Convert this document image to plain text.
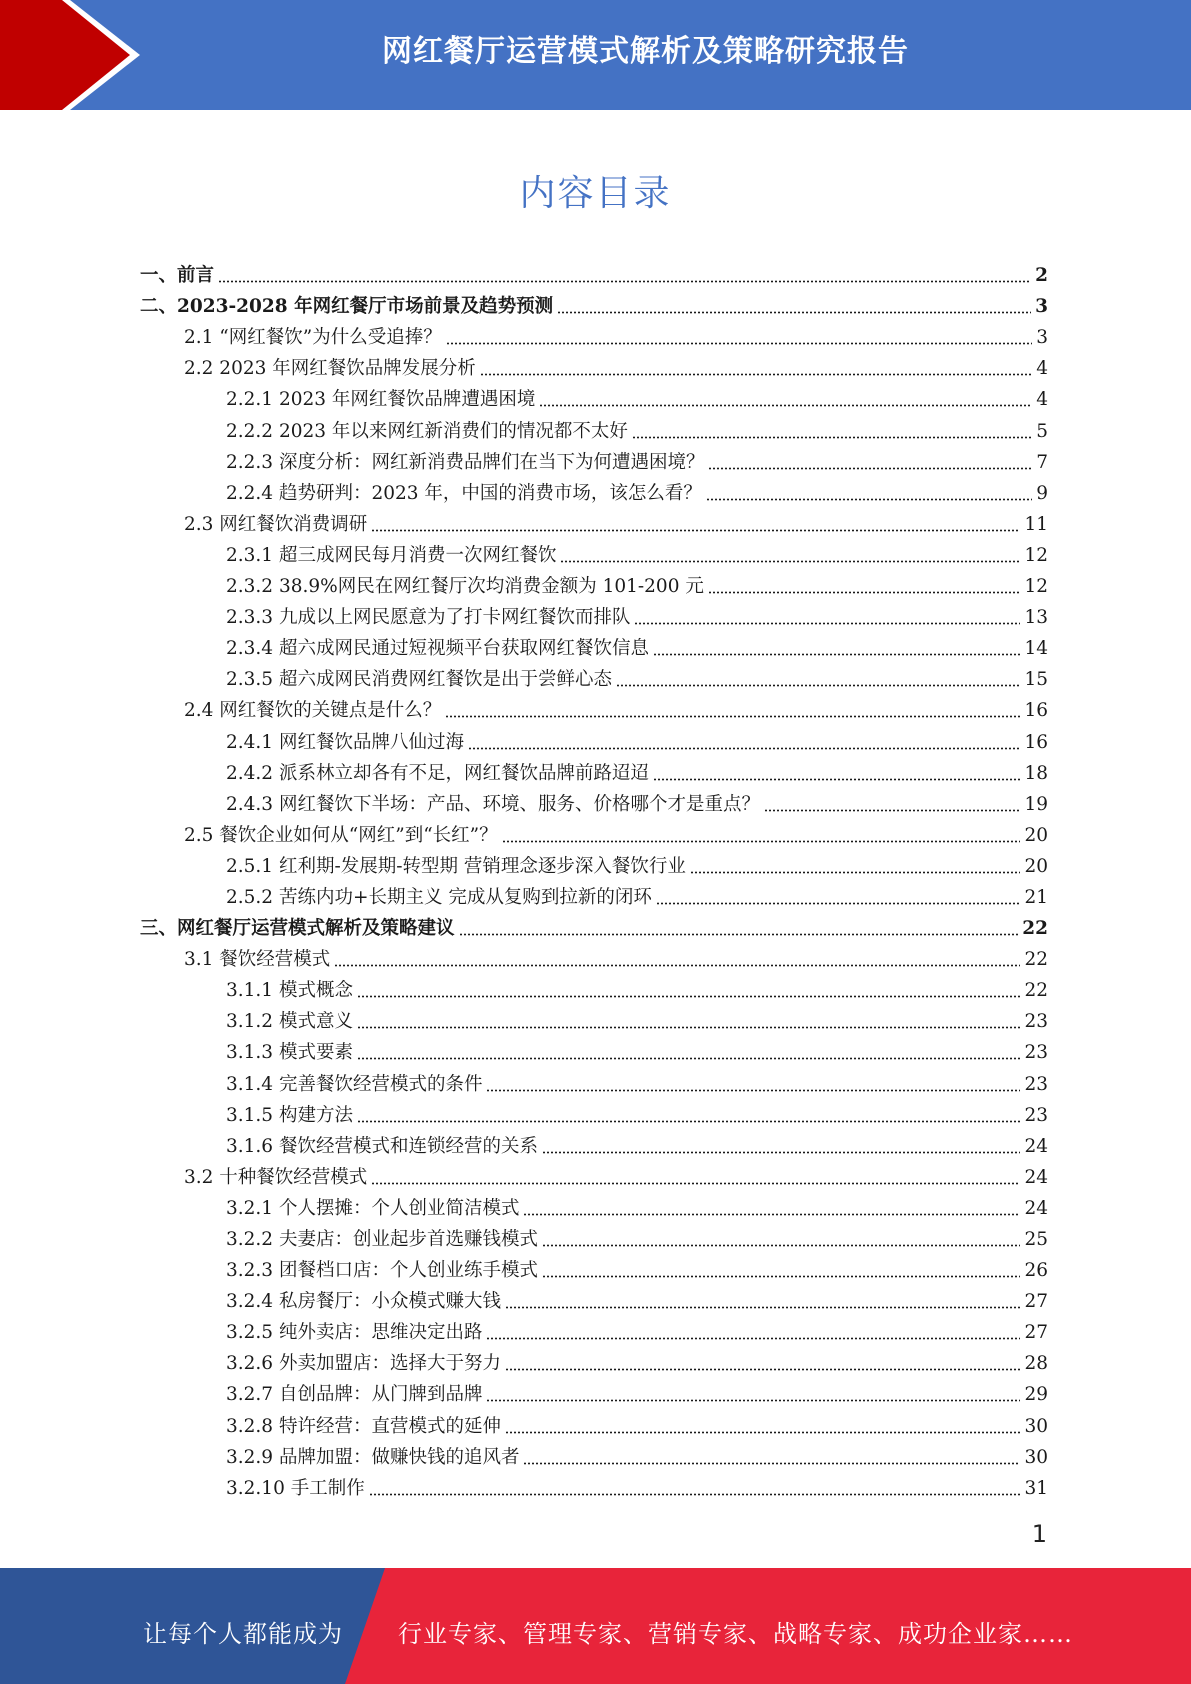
网红餐厅运营模式解析及策略研究报告
内容目录
一、前言	2
二、2023-2028 年网红餐厅市场前景及趋势预测	3
2.1 “网红餐饮”为什么受追捧？	3
2.2 2023 年网红餐饮品牌发展分析	4
2.2.1 2023 年网红餐饮品牌遭遇困境	4
2.2.2 2023 年以来网红新消费们的情况都不太好	5
2.2.3 深度分析：网红新消费品牌们在当下为何遭遇困境？	7
2.2.4 趋势研判：2023 年，中国的消费市场，该怎么看？	9
2.3 网红餐饮消费调研	11
2.3.1 超三成网民每月消费一次网红餐饮	12
2.3.2 38.9%网民在网红餐厅次均消费金额为 101-200 元	12
2.3.3 九成以上网民愿意为了打卡网红餐饮而排队	13
2.3.4 超六成网民通过短视频平台获取网红餐饮信息	14
2.3.5 超六成网民消费网红餐饮是出于尝鲜心态	15
2.4 网红餐饮的关键点是什么？	16
2.4.1 网红餐饮品牌八仙过海	16
2.4.2 派系林立却各有不足，网红餐饮品牌前路迢迢	18
2.4.3 网红餐饮下半场：产品、环境、服务、价格哪个才是重点？	19
2.5 餐饮企业如何从“网红”到“长红”？	20
2.5.1 红利期-发展期-转型期 营销理念逐步深入餐饮行业	20
2.5.2 苦练内功+长期主义 完成从复购到拉新的闭环	21
三、网红餐厅运营模式解析及策略建议	22
3.1 餐饮经营模式	22
3.1.1 模式概念	22
3.1.2 模式意义	23
3.1.3 模式要素	23
3.1.4 完善餐饮经营模式的条件	23
3.1.5 构建方法	23
3.1.6 餐饮经营模式和连锁经营的关系	24
3.2 十种餐饮经营模式	24
3.2.1 个人摆摊：个人创业简洁模式	24
3.2.2 夫妻店：创业起步首选赚钱模式	25
3.2.3 团餐档口店：个人创业练手模式	26
3.2.4 私房餐厅：小众模式赚大钱	27
3.2.5 纯外卖店：思维决定出路	27
3.2.6 外卖加盟店：选择大于努力	28
3.2.7 自创品牌：从门牌到品牌	29
3.2.8 特许经营：直营模式的延伸	30
3.2.9 品牌加盟：做赚快钱的追风者	30
3.2.10 手工制作	31
1
让每个人都能成为 行业专家、管理专家、营销专家、战略专家、成功企业家……
